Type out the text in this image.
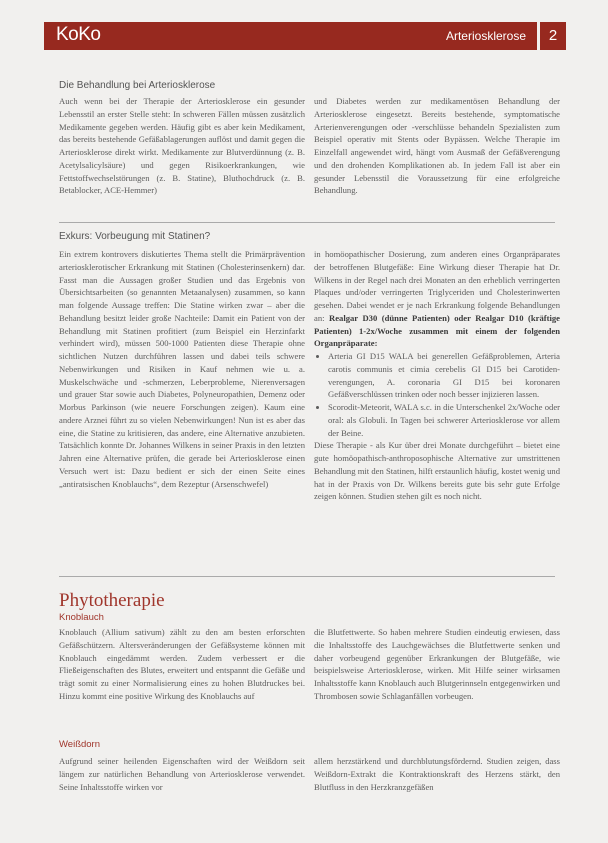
KoKo	Arteriosklerose	2
Die Behandlung bei Arteriosklerose

Auch wenn bei der Therapie der Arteriosklerose ein gesunder Lebensstil an erster Stelle steht: In schweren Fällen müssen zusätzlich Medikamente gegeben werden. Häufig gibt es aber kein Medikament, das bereits bestehende Gefäßablagerungen auflöst und damit gegen die Arteriosklerose direkt wirkt. Medikamente zur Blutverdünnung (z. B. Acetylsalicylsäure) und gegen Risikoerkrankungen, wie Fettstoffwechselstörungen (z. B. Statine), Bluthochdruck (z. B. Betablocker, ACE-Hemmer)

und Diabetes werden zur medikamentösen Behandlung der Arteriosklerose eingesetzt. Bereits bestehende, symptomatische Arterienverengungen oder -verschlüsse behandeln Spezialisten zum Beispiel operativ mit Stents oder Bypässen. Welche Therapie im Einzelfall angewendet wird, hängt vom Ausmaß der Gefäßverengung und den drohenden Komplikationen ab. In jedem Fall ist aber ein gesunder Lebensstil die Voraussetzung für eine erfolgreiche Behandlung.

Exkurs: Vorbeugung mit Statinen?

Ein extrem kontrovers diskutiertes Thema stellt die Primärprävention arteriosklerotischer Erkrankung mit Statinen (Cholesterinsenkern) dar. Fasst man die Aussagen großer Studien und das Ergebnis von Übersichtsarbeiten (so genannten Metaanalysen) zusammen, so kann man folgende Aussage treffen: Die Statine wirken zwar – aber die Behandlung besitzt leider große Nachteile: Damit ein Patient von der Behandlung mit Statinen profitiert (zum Beispiel ein Herzinfarkt verhindert wird), müssen 500-1000 Patienten diese Therapie ohne sichtlichen Nutzen durchführen lassen und dabei teils schwere Nebenwirkungen und Risiken in Kauf nehmen wie u. a. Muskelschwäche und -schmerzen, Leberprobleme, Nierenversagen und grauer Star sowie auch Diabetes, Polyneuropathien, Demenz oder Morbus Parkinson (wie neuere Forschungen zeigen). Kaum eine andere Arznei führt zu so vielen Nebenwirkungen! Nun ist es aber das eine, die Statine zu kritisieren, das andere, eine Alternative anzubieten. Tatsächlich konnte Dr. Johannes Wilkens in seiner Praxis in den letzten Jahren eine Alternative prüfen, die gerade bei Arteriosklerose einen Versuch wert ist: Dazu bedient er sich der einen Seite eines „antiratsischen Knoblauchs“, dem Rezeptur (Arsenschwefel)

in homöopathischer Dosierung, zum anderen eines Organpräparates der betroffenen Blutgefäße: Eine Wirkung dieser Therapie hat Dr. Wilkens in der Regel nach drei Monaten an den erheblich verringerten Plaques und/oder verringerten Triglyceriden und Cholesterinwerten gesehen. Dabei wendet er je nach Erkrankung folgende Behandlungen an: Realgar D30 (dünne Patienten) oder Realgar D10 (kräftige Patienten) 1-2x/Woche zusammen mit einem der folgenden Organpräparate:

• Arteria GI D15 WALA bei generellen Gefäßproblemen, Arteria carotis communis et cimia cerebelis GI D15 bei Carotiden-verengungen, A. coronaria GI D15 bei koronaren Gefäßverschlüssen trinken oder noch besser injizieren lassen.
• Scorodit-Meteorit, WALA s.c. in die Unterschenkel 2x/Woche oder oral: als Globuli. In Tagen bei schwerer Arteriosklerose vor allem der Beine.

Diese Therapie - als Kur über drei Monate durchgeführt – bietet eine gute homöopathisch-anthroposophische Alternative zur umstrittenen Behandlung mit den Statinen, hilft erstaunlich häufig, kostet wenig und hat in der Praxis von Dr. Wilkens bereits gute bis sehr gute Erfolge zeigen können. Studien stehen gilt es noch nicht.

Phytotherapie
Knoblauch

Knoblauch (Allium sativum) zählt zu den am besten erforschten Gefäßschützern. Altersveränderungen der Gefäßsysteme können mit Knoblauch eingedämmt werden. Zudem verbessert er die Fließeigenschaften des Blutes, erweitert und entspannt die Gefäße und trägt somit zu einer Normalisierung eines zu hohen Blutdruckes bei. Hinzu kommt eine positive Wirkung des Knoblauchs auf

die Blutfettwerte. So haben mehrere Studien eindeutig erwiesen, dass die Inhaltsstoffe des Lauchgewächses die Blutfettwerte senken und daher vorbeugend gegenüber Erkrankungen der Blutgefäße, wie beispielsweise Arteriosklerose, wirken. Mit Hilfe seiner wirksamen Inhaltsstoffe kann Knoblauch auch Blutgerinnseln entgegenwirken und Thrombosen sowie Schlaganfällen vorbeugen.

Weißdorn

Aufgrund seiner heilenden Eigenschaften wird der Weißdorn seit längem zur natürlichen Behandlung von Arteriosklerose verwendet. Seine Inhaltsstoffe wirken vor

allem herzstärkend und durchblutungsfördernd. Studien zeigen, dass Weißdorn-Extrakt die Kontraktionskraft des Herzens stärkt, den Blutfluss in den Herzkranzgefäßen
